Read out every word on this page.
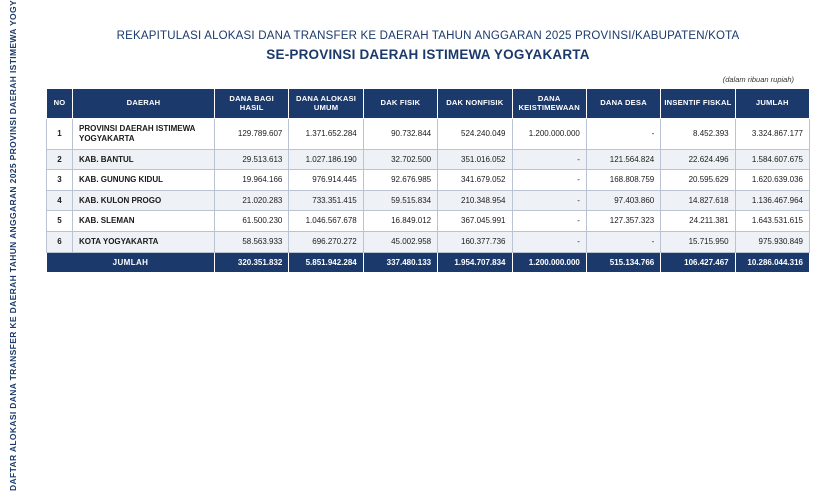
DAFTAR ALOKASI DANA TRANSFER KE DAERAH TAHUN ANGGARAN 2025 PROVINSI DAERAH ISTIMEWA YOGY	REKAPITULASI ALOKASI DANA TRANSFER KE DAERAH TAHUN ANGGARAN 2025 PROVINSI/KABUPATEN/KOTA
SE-PROVINSI DAERAH ISTIMEWA YOGYAKARTA
(dalam ribuan rupiah)
NO	DAERAH	DANA BAGI HASIL	DANA ALOKASI UMUM	DAK FISIK	DAK NONFISIK	DANA KEISTIMEWAAN	DANA DESA	INSENTIF FISKAL	JUMLAH
1	PROVINSI DAERAH ISTIMEWA YOGYAKARTA	129.789.607	1.371.652.284	90.732.844	524.240.049	1.200.000.000	-	8.452.393	3.324.867.177
2	KAB. BANTUL	29.513.613	1.027.186.190	32.702.500	351.016.052	-	121.564.824	22.624.496	1.584.607.675
3	KAB. GUNUNG KIDUL	19.964.166	976.914.445	92.676.985	341.679.052	-	168.808.759	20.595.629	1.620.639.036
4	KAB. KULON PROGO	21.020.283	733.351.415	59.515.834	210.348.954	-	97.403.860	14.827.618	1.136.467.964
5	KAB. SLEMAN	61.500.230	1.046.567.678	16.849.012	367.045.991	-	127.357.323	24.211.381	1.643.531.615
6	KOTA YOGYAKARTA	58.563.933	696.270.272	45.002.958	160.377.736	-	-	15.715.950	975.930.849
JUMLAH		320.351.832	5.851.942.284	337.480.133	1.954.707.834	1.200.000.000	515.134.766	106.427.467	10.286.044.316
